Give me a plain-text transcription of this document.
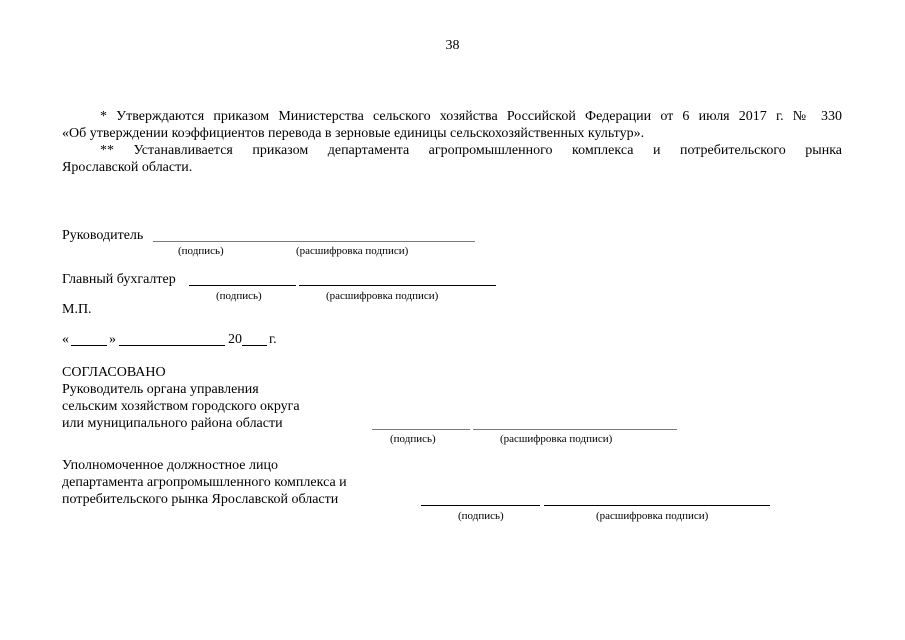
38
* Утверждаются приказом Министерства сельского хозяйства Российской Федерации от 6 июля 2017 г. № 330
«Об утверждении коэффициентов перевода в зерновые единицы сельскохозяйственных культур».
** Устанавливается приказом департамента агропромышленного комплекса и потребительского рынка
Ярославской области.
Руководитель
(подпись)	(расшифровка подписи)
Главный бухгалтер
(подпись)	(расшифровка подписи)
М.П.
«	»	20 г.
СОГЛАСОВАНО
Руководитель органа управления
сельским хозяйством городского округа
или муниципального района области
(подпись)	(расшифровка подписи)
Уполномоченное должностное лицо
департамента агропромышленного комплекса и
потребительского рынка Ярославской области
(подпись)	(расшифровка подписи)
